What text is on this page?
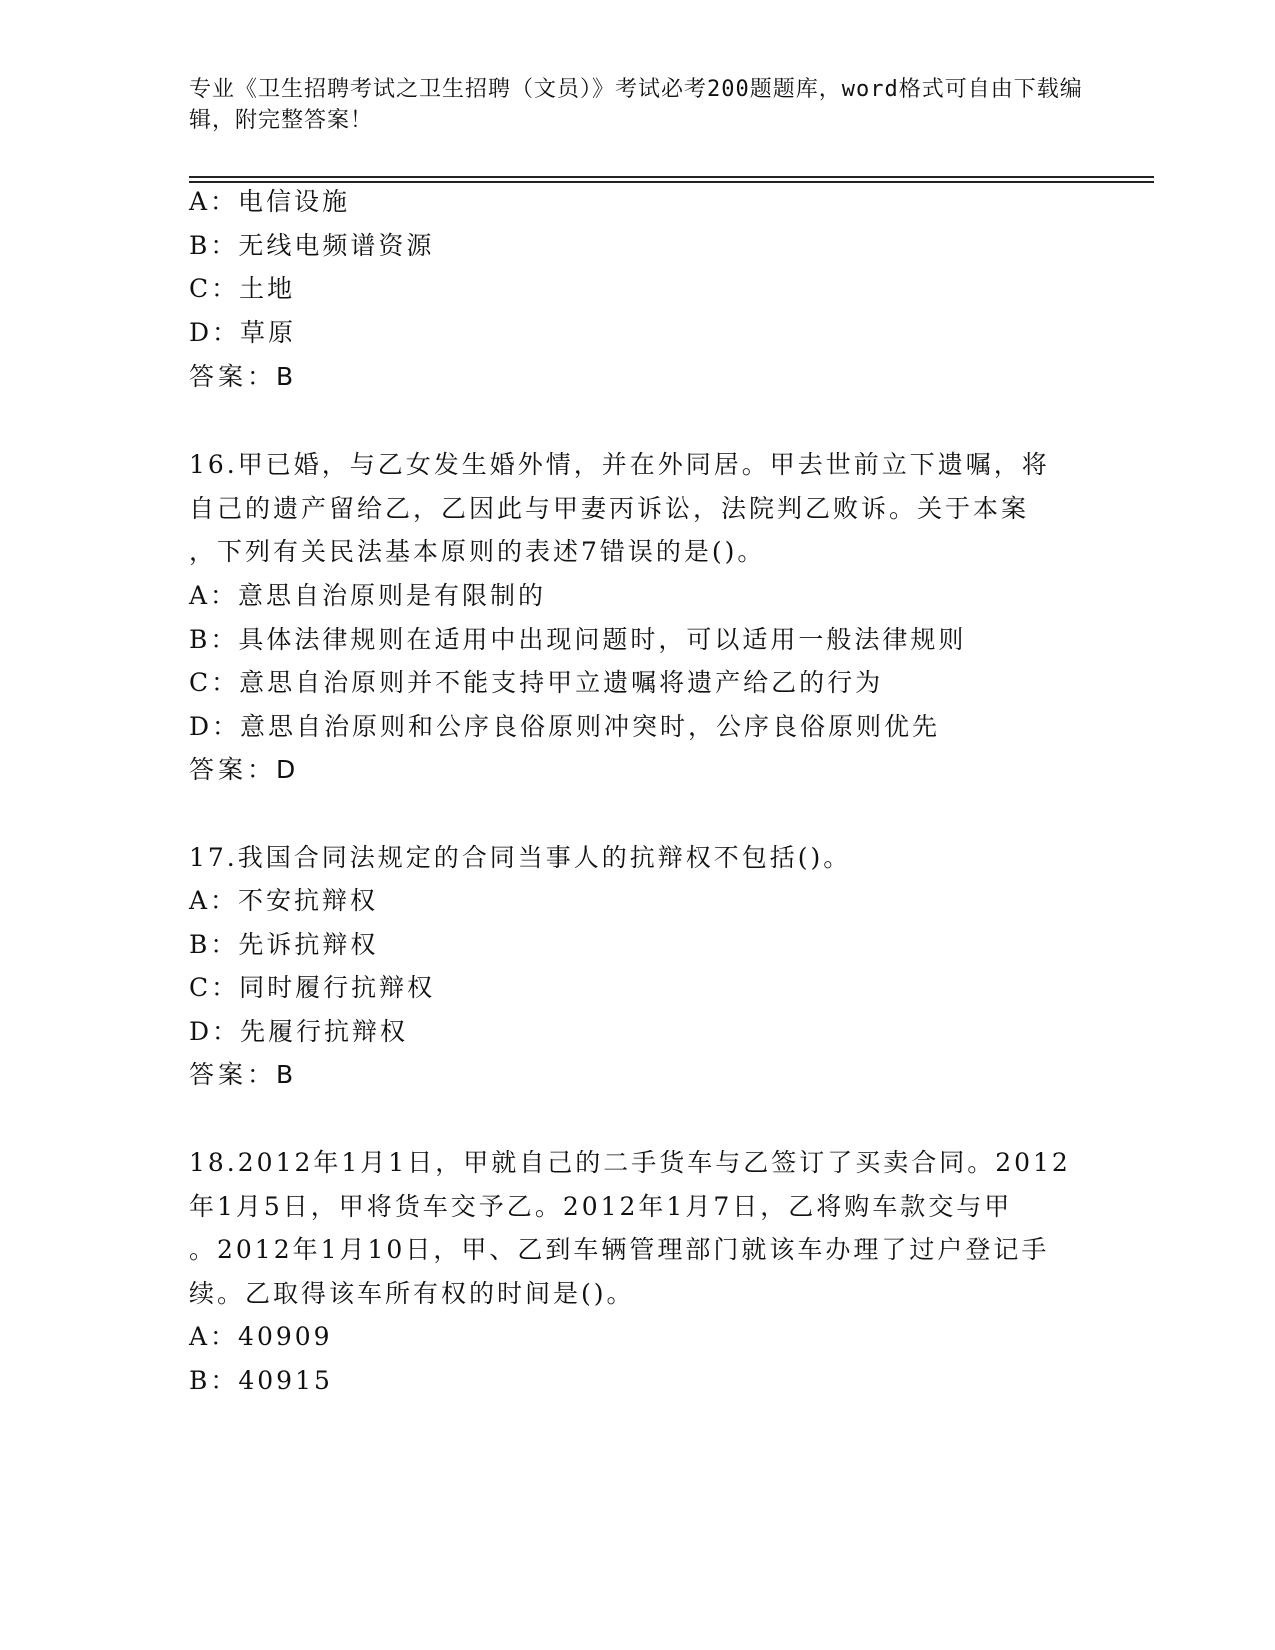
专业《卫生招聘考试之卫生招聘（文员）》考试必考200题题库，word格式可自由下载编辑，附完整答案！
A：电信设施
B：无线电频谱资源
C：土地
D：草原
答案：B
16.甲已婚，与乙女发生婚外情，并在外同居。甲去世前立下遗嘱，将
自己的遗产留给乙，乙因此与甲妻丙诉讼，法院判乙败诉。关于本案
，下列有关民法基本原则的表述7错误的是()。
A：意思自治原则是有限制的
B：具体法律规则在适用中出现问题时，可以适用一般法律规则
C：意思自治原则并不能支持甲立遗嘱将遗产给乙的行为
D：意思自治原则和公序良俗原则冲突时，公序良俗原则优先
答案：D
17.我国合同法规定的合同当事人的抗辩权不包括()。
A：不安抗辩权
B：先诉抗辩权
C：同时履行抗辩权
D：先履行抗辩权
答案：B
18.2012年1月1日，甲就自己的二手货车与乙签订了买卖合同。2012
年1月5日，甲将货车交予乙。2012年1月7日，乙将购车款交与甲
。2012年1月10日，甲、乙到车辆管理部门就该车办理了过户登记手
续。乙取得该车所有权的时间是()。
A：40909
B：40915
